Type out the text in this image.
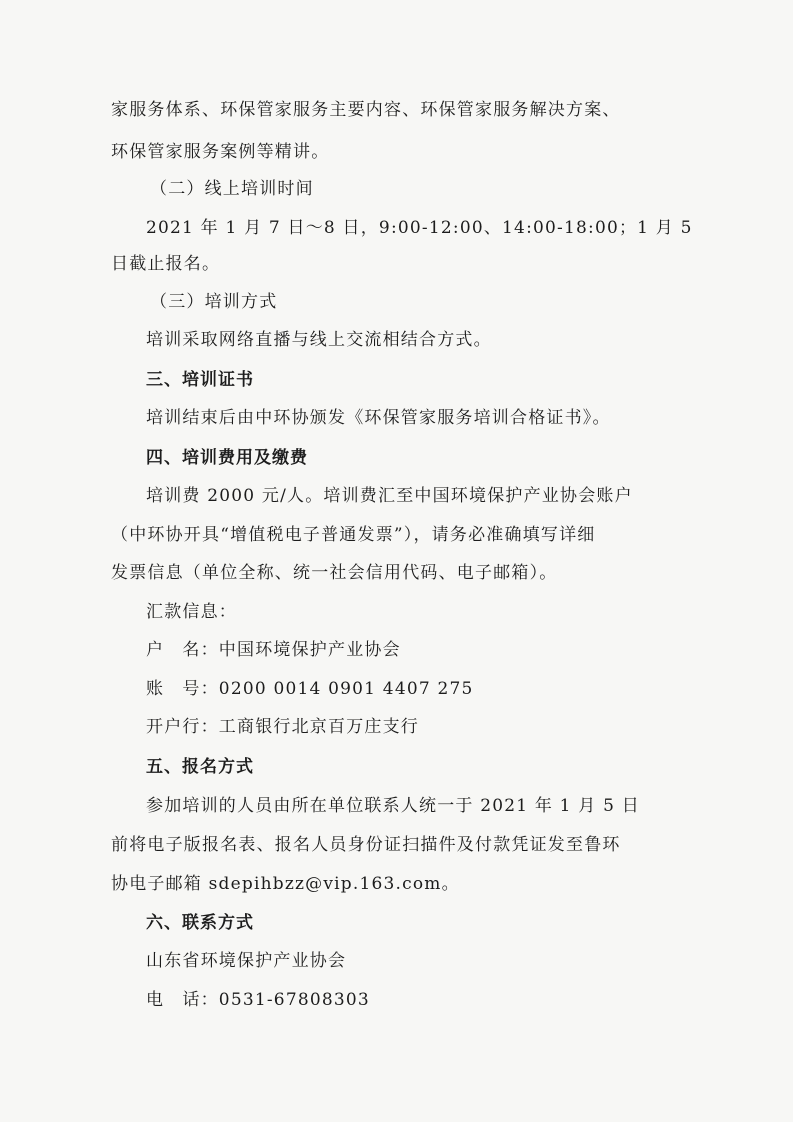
家服务体系、环保管家服务主要内容、环保管家服务解决方案、
环保管家服务案例等精讲。
（二）线上培训时间
2021 年 1 月 7 日～8 日，9:00-12:00、14:00-18:00；1 月 5
日截止报名。
（三）培训方式
培训采取网络直播与线上交流相结合方式。
三、培训证书
培训结束后由中环协颁发《环保管家服务培训合格证书》。
四、培训费用及缴费
培训费 2000 元/人。培训费汇至中国环境保护产业协会账户
（中环协开具“增值税电子普通发票”），请务必准确填写详细
发票信息（单位全称、统一社会信用代码、电子邮箱）。
汇款信息：
户　名：中国环境保护产业协会
账　号：0200 0014 0901 4407 275
开户行：工商银行北京百万庄支行
五、报名方式
参加培训的人员由所在单位联系人统一于 2021 年 1 月 5 日
前将电子版报名表、报名人员身份证扫描件及付款凭证发至鲁环
协电子邮箱 sdepihbzz@vip.163.com。
六、联系方式
山东省环境保护产业协会
电　话：0531-67808303
